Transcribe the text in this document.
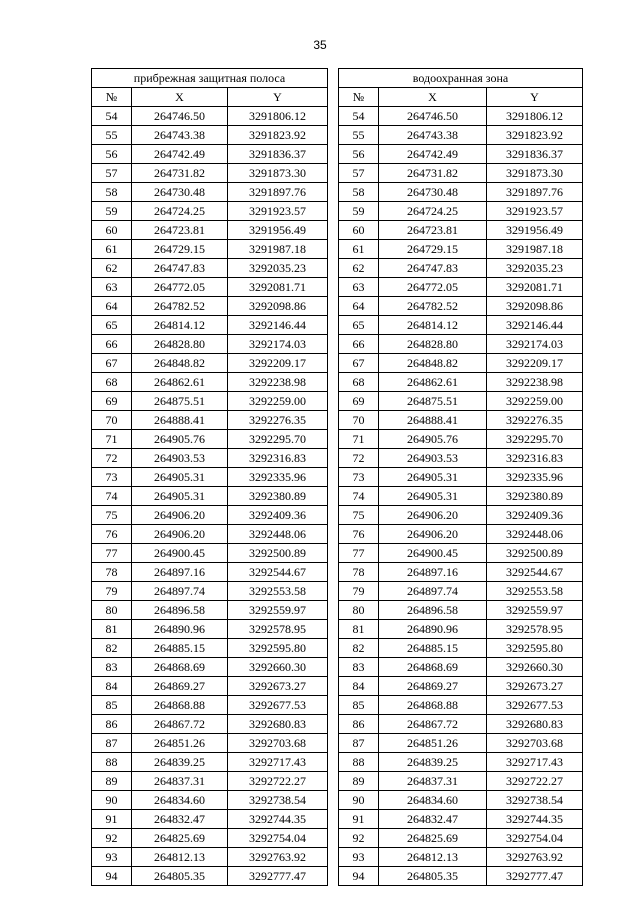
35
прибрежная защитная полоса		
№	X	Y
54	264746.50	3291806.12
55	264743.38	3291823.92
56	264742.49	3291836.37
57	264731.82	3291873.30
58	264730.48	3291897.76
59	264724.25	3291923.57
60	264723.81	3291956.49
61	264729.15	3291987.18
62	264747.83	3292035.23
63	264772.05	3292081.71
64	264782.52	3292098.86
65	264814.12	3292146.44
66	264828.80	3292174.03
67	264848.82	3292209.17
68	264862.61	3292238.98
69	264875.51	3292259.00
70	264888.41	3292276.35
71	264905.76	3292295.70
72	264903.53	3292316.83
73	264905.31	3292335.96
74	264905.31	3292380.89
75	264906.20	3292409.36
76	264906.20	3292448.06
77	264900.45	3292500.89
78	264897.16	3292544.67
79	264897.74	3292553.58
80	264896.58	3292559.97
81	264890.96	3292578.95
82	264885.15	3292595.80
83	264868.69	3292660.30
84	264869.27	3292673.27
85	264868.88	3292677.53
86	264867.72	3292680.83
87	264851.26	3292703.68
88	264839.25	3292717.43
89	264837.31	3292722.27
90	264834.60	3292738.54
91	264832.47	3292744.35
92	264825.69	3292754.04
93	264812.13	3292763.92
94	264805.35	3292777.47
водоохранная зона		
№	X	Y
54	264746.50	3291806.12
55	264743.38	3291823.92
56	264742.49	3291836.37
57	264731.82	3291873.30
58	264730.48	3291897.76
59	264724.25	3291923.57
60	264723.81	3291956.49
61	264729.15	3291987.18
62	264747.83	3292035.23
63	264772.05	3292081.71
64	264782.52	3292098.86
65	264814.12	3292146.44
66	264828.80	3292174.03
67	264848.82	3292209.17
68	264862.61	3292238.98
69	264875.51	3292259.00
70	264888.41	3292276.35
71	264905.76	3292295.70
72	264903.53	3292316.83
73	264905.31	3292335.96
74	264905.31	3292380.89
75	264906.20	3292409.36
76	264906.20	3292448.06
77	264900.45	3292500.89
78	264897.16	3292544.67
79	264897.74	3292553.58
80	264896.58	3292559.97
81	264890.96	3292578.95
82	264885.15	3292595.80
83	264868.69	3292660.30
84	264869.27	3292673.27
85	264868.88	3292677.53
86	264867.72	3292680.83
87	264851.26	3292703.68
88	264839.25	3292717.43
89	264837.31	3292722.27
90	264834.60	3292738.54
91	264832.47	3292744.35
92	264825.69	3292754.04
93	264812.13	3292763.92
94	264805.35	3292777.47
